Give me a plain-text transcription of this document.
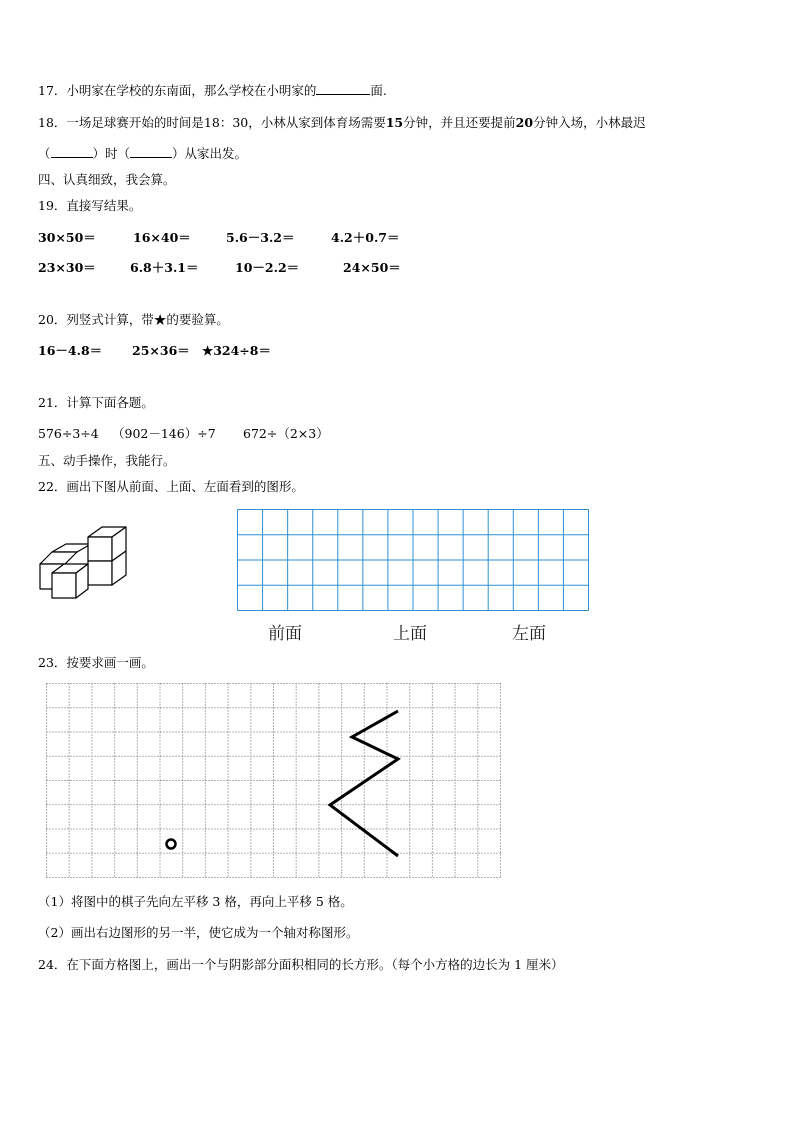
17．小明家在学校的东南面，那么学校在小明家的	面.
18．一场足球赛开始的时间是18：30，小林从家到体育场需要15分钟，并且还要提前20分钟入场，小林最迟
（	）时（	）从家出发。
四、认真细致，我会算。
19．直接写结果。
30×50＝	16×40＝	5.6－3.2＝	4.2＋0.7＝
23×30＝	6.8＋3.1＝	10－2.2＝	24×50＝
20．列竖式计算，带★的要验算。
16－4.8＝ 25×36＝ ★324÷8＝
21．计算下面各题。
576÷3÷4 （902－146）÷7 672÷（2×3）
五、动手操作，我能行。
22．画出下图从前面、上面、左面看到的图形。
前面	上面	左面
23．按要求画一画。
（1）将图中的棋子先向左平移 3 格，再向上平移 5 格。
（2）画出右边图形的另一半，使它成为一个轴对称图形。
24．在下面方格图上，画出一个与阴影部分面积相同的长方形。（每个小方格的边长为 1 厘米）
